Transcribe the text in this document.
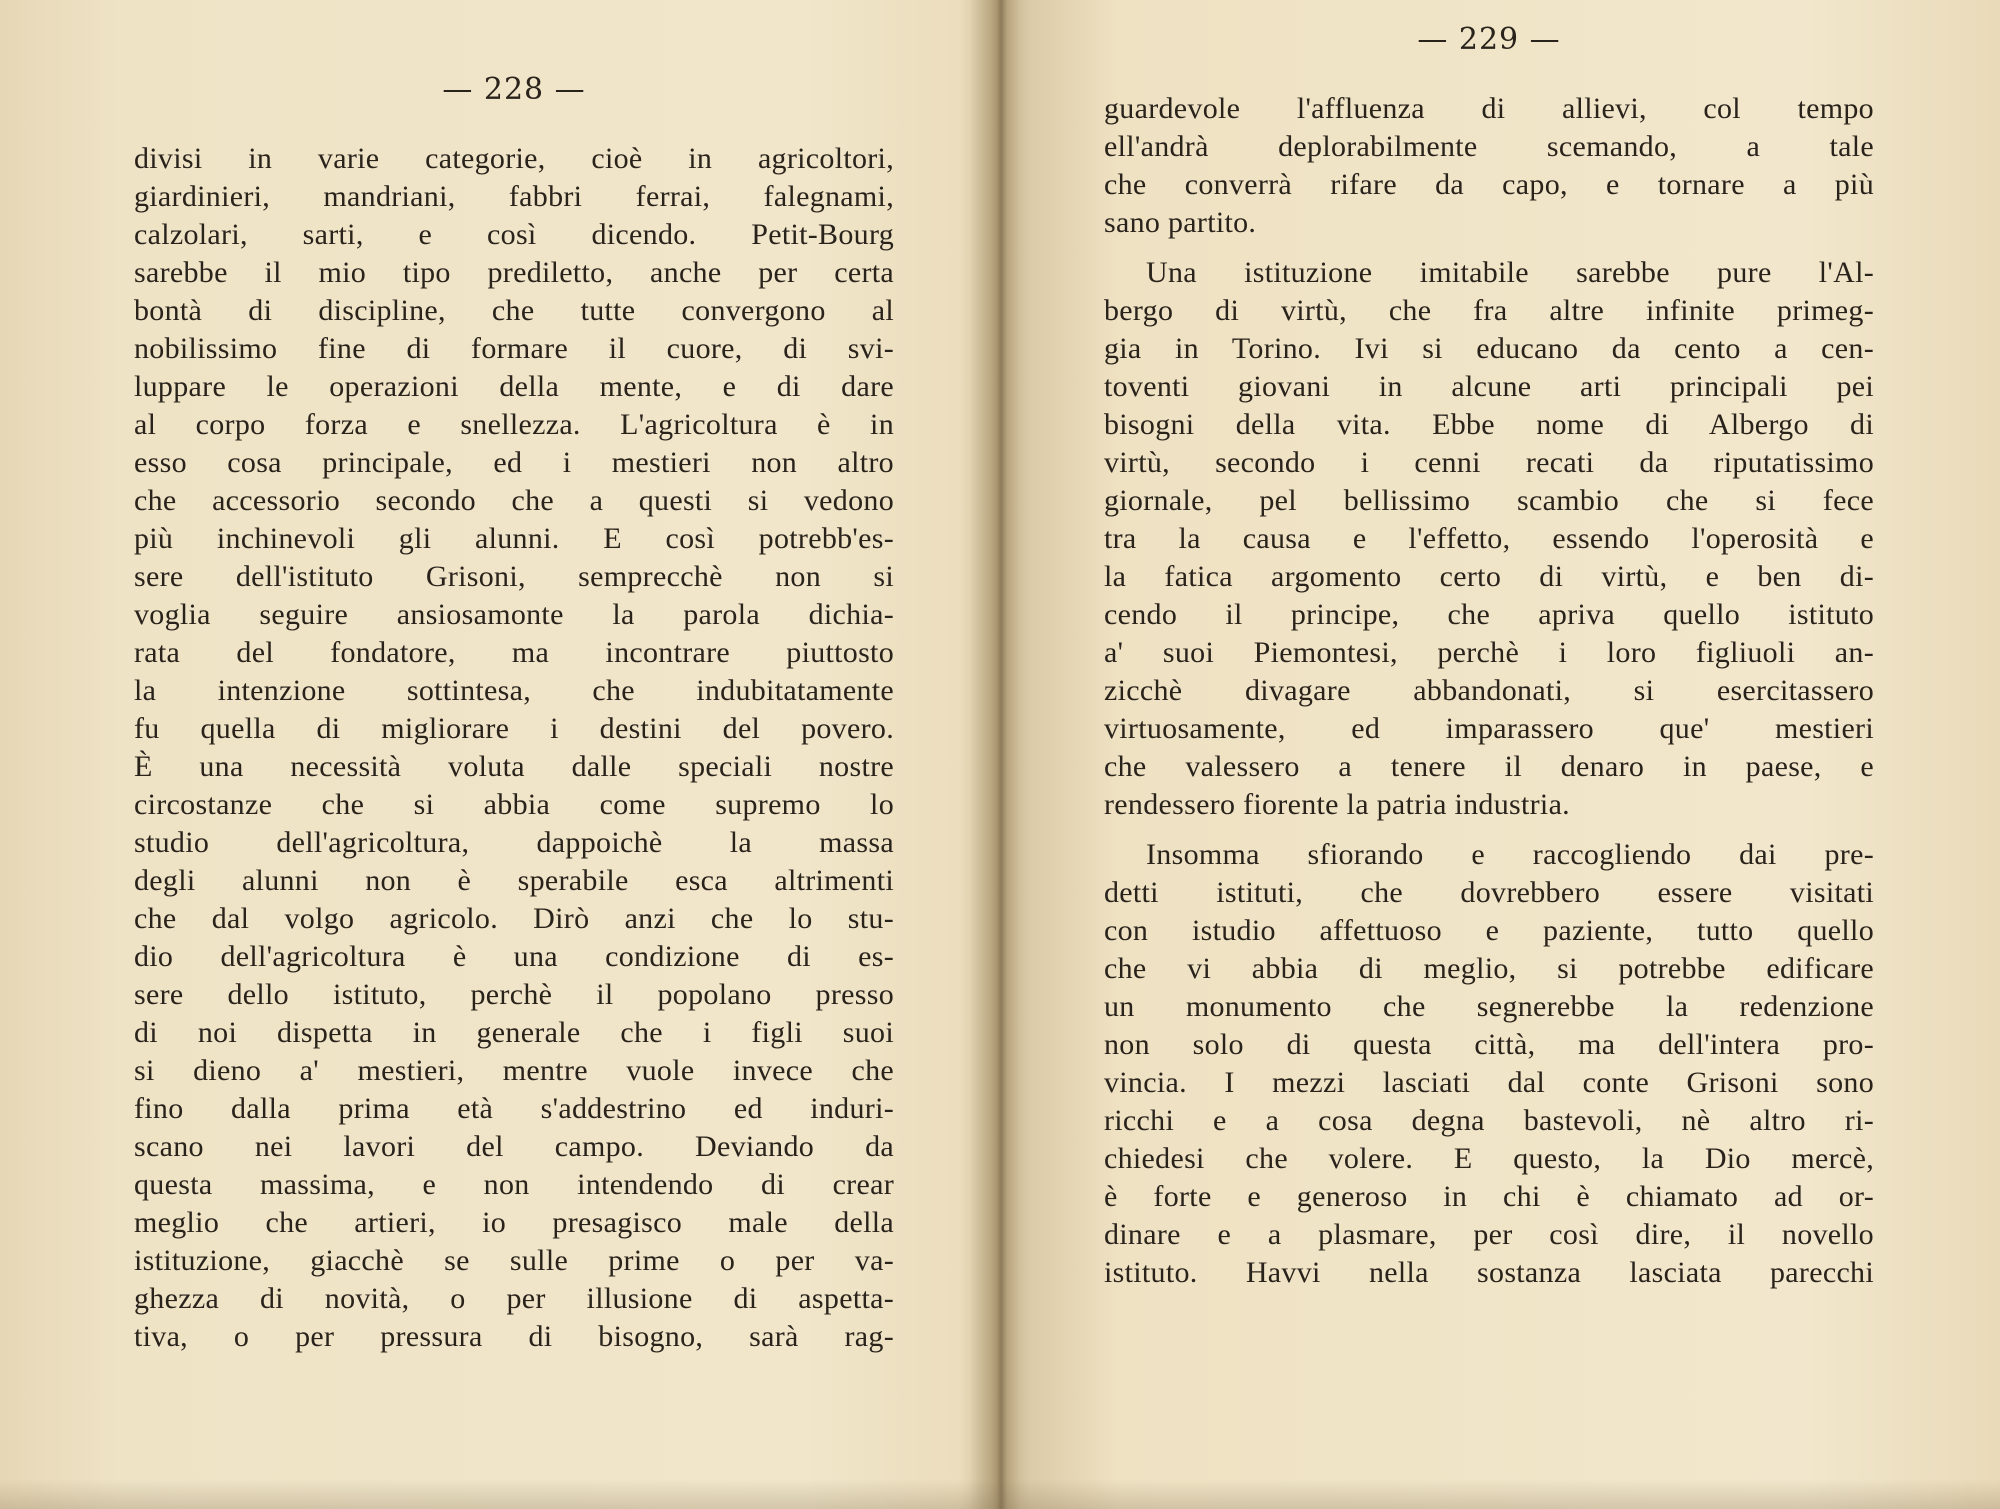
— 228 —
divisi in varie categorie, cioè in agricoltori,
giardinieri, mandriani, fabbri ferrai, falegnami,
calzolari, sarti, e così dicendo. Petit-Bourg
sarebbe il mio tipo prediletto, anche per certa
bontà di discipline, che tutte convergono al
nobilissimo fine di formare il cuore, di svi-
luppare le operazioni della mente, e di dare
al corpo forza e snellezza. L'agricoltura è in
esso cosa principale, ed i mestieri non altro
che accessorio secondo che a questi si vedono
più inchinevoli gli alunni. E così potrebb'es-
sere dell'istituto Grisoni, semprecchè non si
voglia seguire ansiosamonte la parola dichia-
rata del fondatore, ma incontrare piuttosto
la intenzione sottintesa, che indubitatamente
fu quella di migliorare i destini del povero.
È una necessità voluta dalle speciali nostre
circostanze che si abbia come supremo lo
studio dell'agricoltura, dappoichè la massa
degli alunni non è sperabile esca altrimenti
che dal volgo agricolo. Dirò anzi che lo stu-
dio dell'agricoltura è una condizione di es-
sere dello istituto, perchè il popolano presso
di noi dispetta in generale che i figli suoi
si dieno a' mestieri, mentre vuole invece che
fino dalla prima età s'addestrino ed induri-
scano nei lavori del campo. Deviando da
questa massima, e non intendendo di crear
meglio che artieri, io presagisco male della
istituzione, giacchè se sulle prime o per va-
ghezza di novità, o per illusione di aspetta-
tiva, o per pressura di bisogno, sarà rag-
— 229 —
guardevole l'affluenza di allievi, col tempo
ell'andrà deplorabilmente scemando, a tale
che converrà rifare da capo, e tornare a più
sano partito.
Una istituzione imitabile sarebbe pure l'Al-
bergo di virtù, che fra altre infinite primeg-
gia in Torino. Ivi si educano da cento a cen-
toventi giovani in alcune arti principali pei
bisogni della vita. Ebbe nome di Albergo di
virtù, secondo i cenni recati da riputatissimo
giornale, pel bellissimo scambio che si fece
tra la causa e l'effetto, essendo l'operosità e
la fatica argomento certo di virtù, e ben di-
cendo il principe, che apriva quello istituto
a' suoi Piemontesi, perchè i loro figliuoli an-
zicchè divagare abbandonati, si esercitassero
virtuosamente, ed imparassero que' mestieri
che valessero a tenere il denaro in paese, e
rendessero fiorente la patria industria.
Insomma sfiorando e raccogliendo dai pre-
detti istituti, che dovrebbero essere visitati
con istudio affettuoso e paziente, tutto quello
che vi abbia di meglio, si potrebbe edificare
un monumento che segnerebbe la redenzione
non solo di questa città, ma dell'intera pro-
vincia. I mezzi lasciati dal conte Grisoni sono
ricchi e a cosa degna bastevoli, nè altro ri-
chiedesi che volere. E questo, la Dio mercè,
è forte e generoso in chi è chiamato ad or-
dinare e a plasmare, per così dire, il novello
istituto. Havvi nella sostanza lasciata parecchi
